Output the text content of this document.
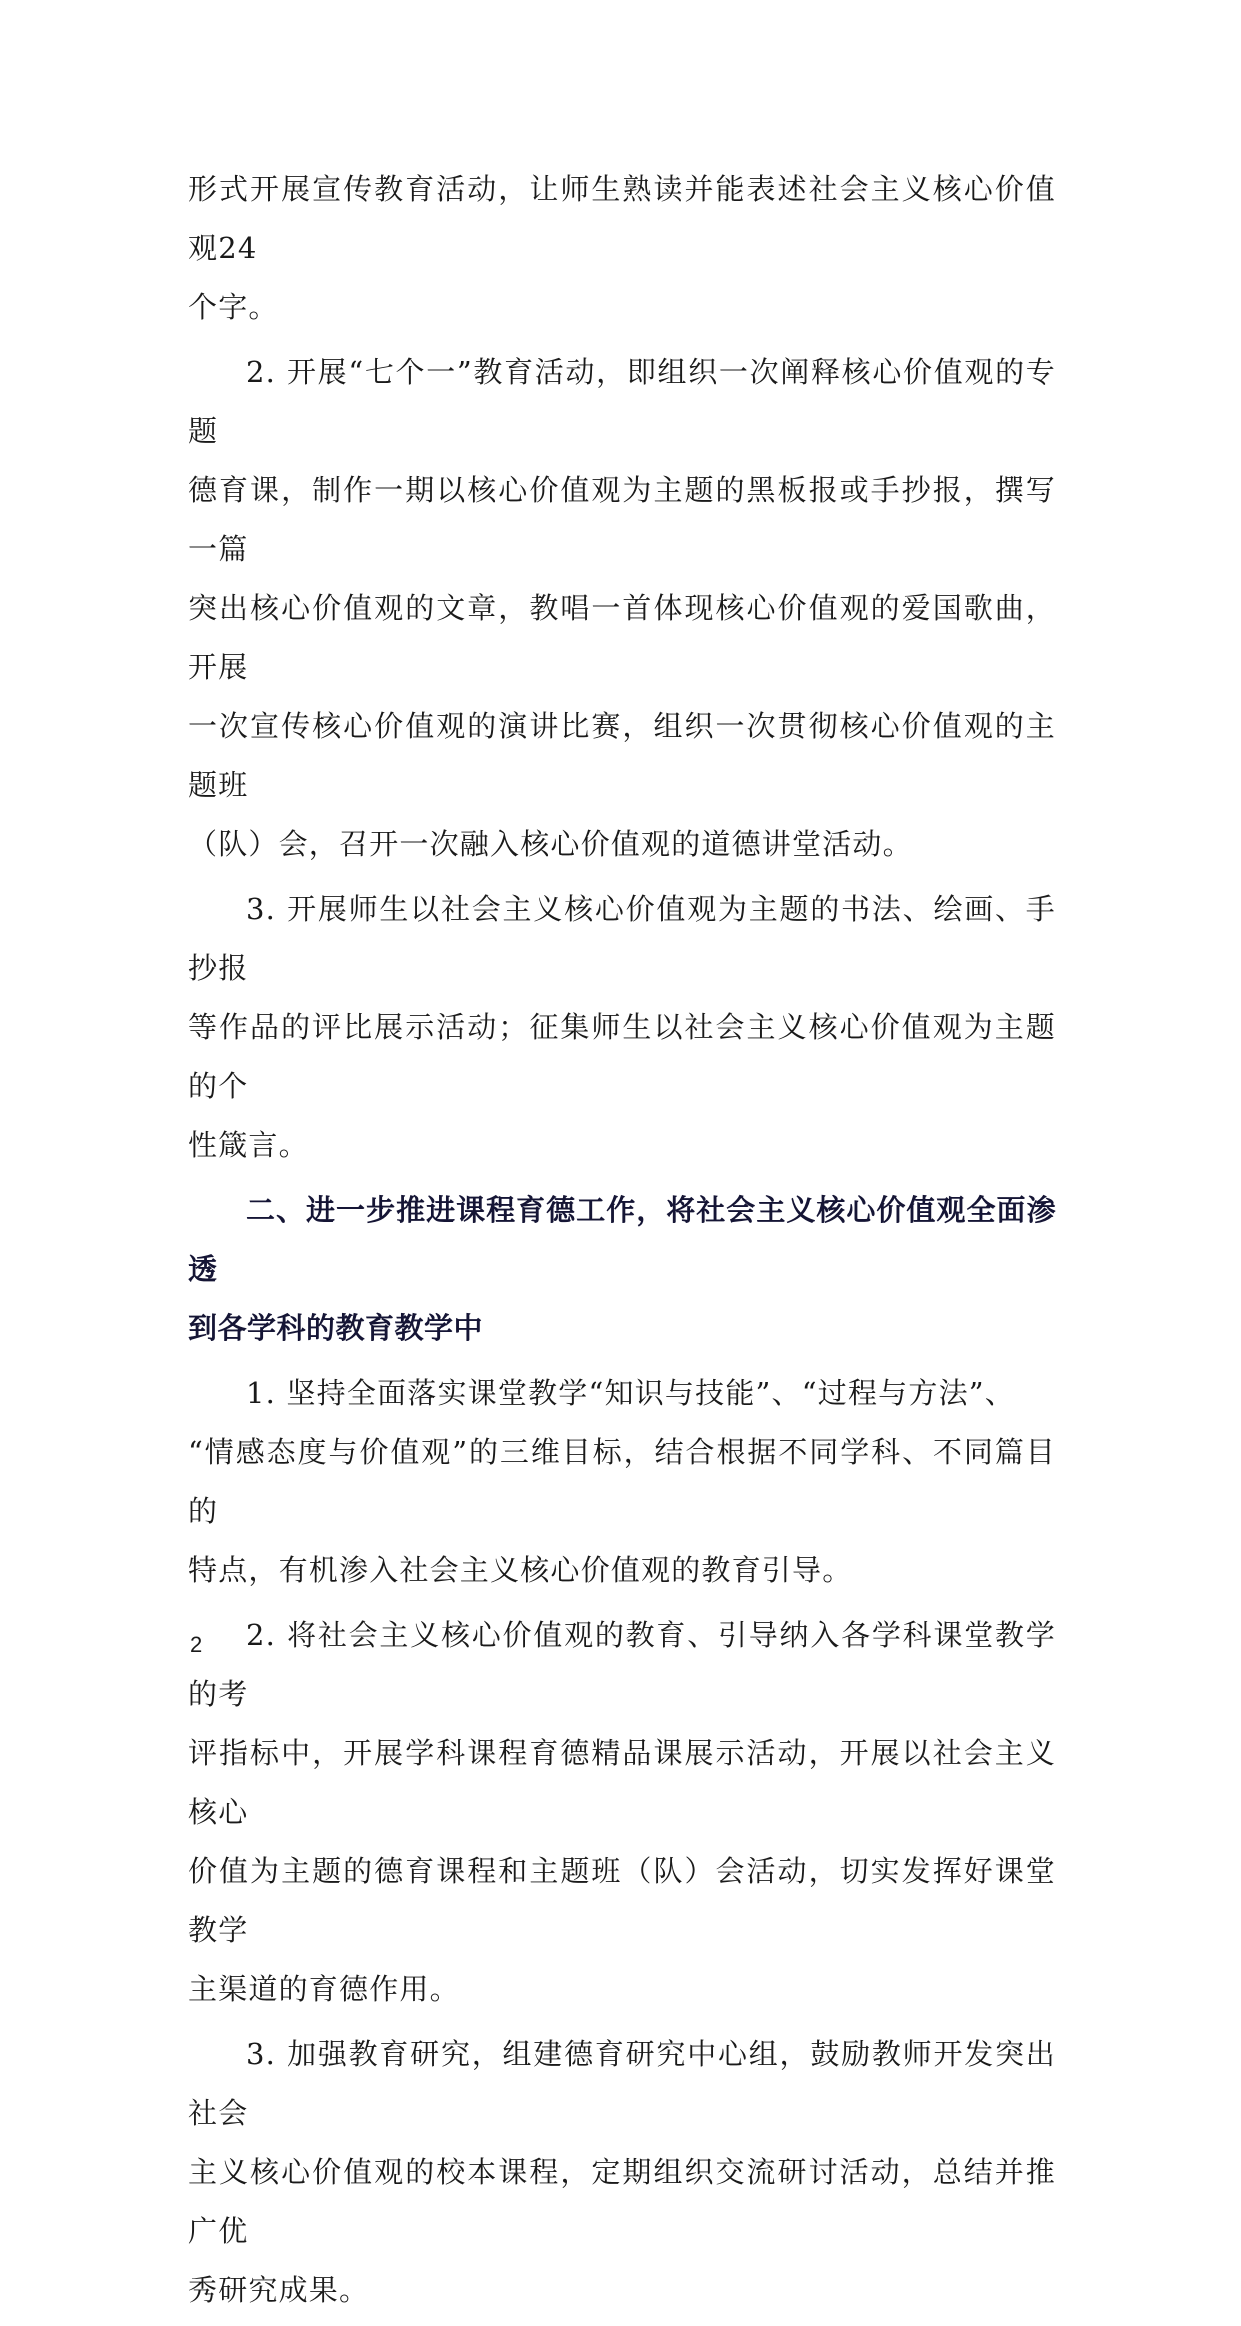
形式开展宣传教育活动，让师生熟读并能表述社会主义核心价值观24
个字。

2. 开展“七个一”教育活动，即组织一次阐释核心价值观的专题
德育课，制作一期以核心价值观为主题的黑板报或手抄报，撰写一篇
突出核心价值观的文章，教唱一首体现核心价值观的爱国歌曲，开展
一次宣传核心价值观的演讲比赛，组织一次贯彻核心价值观的主题班
（队）会，召开一次融入核心价值观的道德讲堂活动。

3. 开展师生以社会主义核心价值观为主题的书法、绘画、手抄报
等作品的评比展示活动；征集师生以社会主义核心价值观为主题的个
性箴言。

二、进一步推进课程育德工作，将社会主义核心价值观全面渗透
到各学科的教育教学中

1. 坚持全面落实课堂教学“知识与技能”、“过程与方法”、
“情感态度与价值观”的三维目标，结合根据不同学科、不同篇目的
特点，有机渗入社会主义核心价值观的教育引导。

2. 将社会主义核心价值观的教育、引导纳入各学科课堂教学的考
评指标中，开展学科课程育德精品课展示活动，开展以社会主义核心
价值为主题的德育课程和主题班（队）会活动，切实发挥好课堂教学
主渠道的育德作用。

3. 加强教育研究，组建德育研究中心组，鼓励教师开发突出社会
主义核心价值观的校本课程，定期组织交流研讨活动，总结并推广优
秀研究成果。

2
